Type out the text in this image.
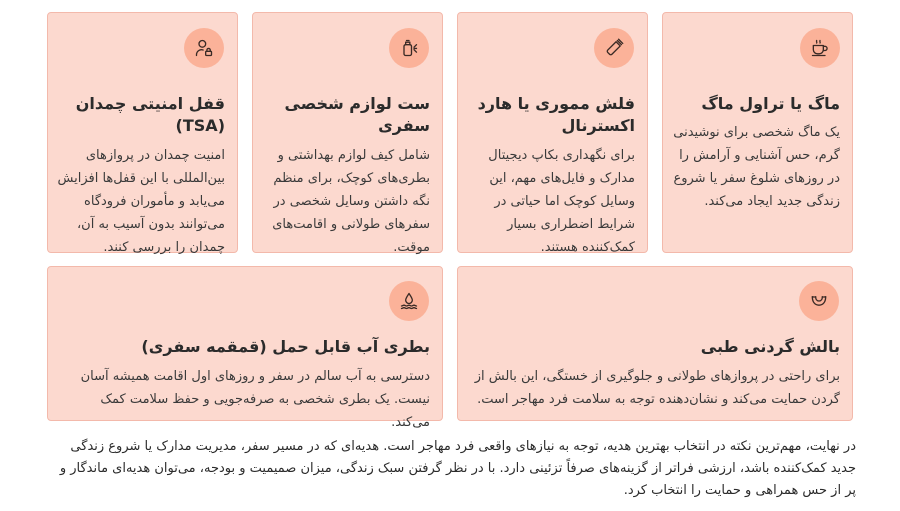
ماگ یا تراول ماگ
یک ماگ شخصی برای نوشیدنی گرم، حس آشنایی و آرامش را در روزهای شلوغ سفر یا شروع زندگی جدید ایجاد می‌کند.
فلش مموری یا هارد اکسترنال
برای نگهداری بکاپ دیجیتال مدارک و فایل‌های مهم، این وسایل کوچک اما حیاتی در شرایط اضطراری بسیار کمک‌کننده هستند.
ست لوازم شخصی سفری
شامل کیف لوازم بهداشتی و بطری‌های کوچک، برای منظم نگه داشتن وسایل شخصی در سفرهای طولانی و اقامت‌های موقت.
قفل امنیتی چمدان (TSA)
امنیت چمدان در پروازهای بین‌المللی با این قفل‌ها افزایش می‌یابد و مأموران فرودگاه می‌توانند بدون آسیب به آن، چمدان را بررسی کنند.
بالش گردنی طبی
برای راحتی در پروازهای طولانی و جلوگیری از خستگی، این بالش از گردن حمایت می‌کند و نشان‌دهنده توجه به سلامت فرد مهاجر است.
بطری آب قابل حمل (قمقمه سفری)
دسترسی به آب سالم در سفر و روزهای اول اقامت همیشه آسان نیست. یک بطری شخصی به صرفه‌جویی و حفظ سلامت کمک می‌کند.

در نهایت، مهم‌ترین نکته در انتخاب بهترین هدیه، توجه به نیازهای واقعی فرد مهاجر است. هدیه‌ای که در مسیر سفر، مدیریت مدارک یا شروع زندگی جدید کمک‌کننده باشد، ارزشی فراتر از گزینه‌های صرفاً تزئینی دارد. با در نظر گرفتن سبک زندگی، میزان صمیمیت و بودجه، می‌توان هدیه‌ای ماندگار و پر از حس همراهی و حمایت را انتخاب کرد.
